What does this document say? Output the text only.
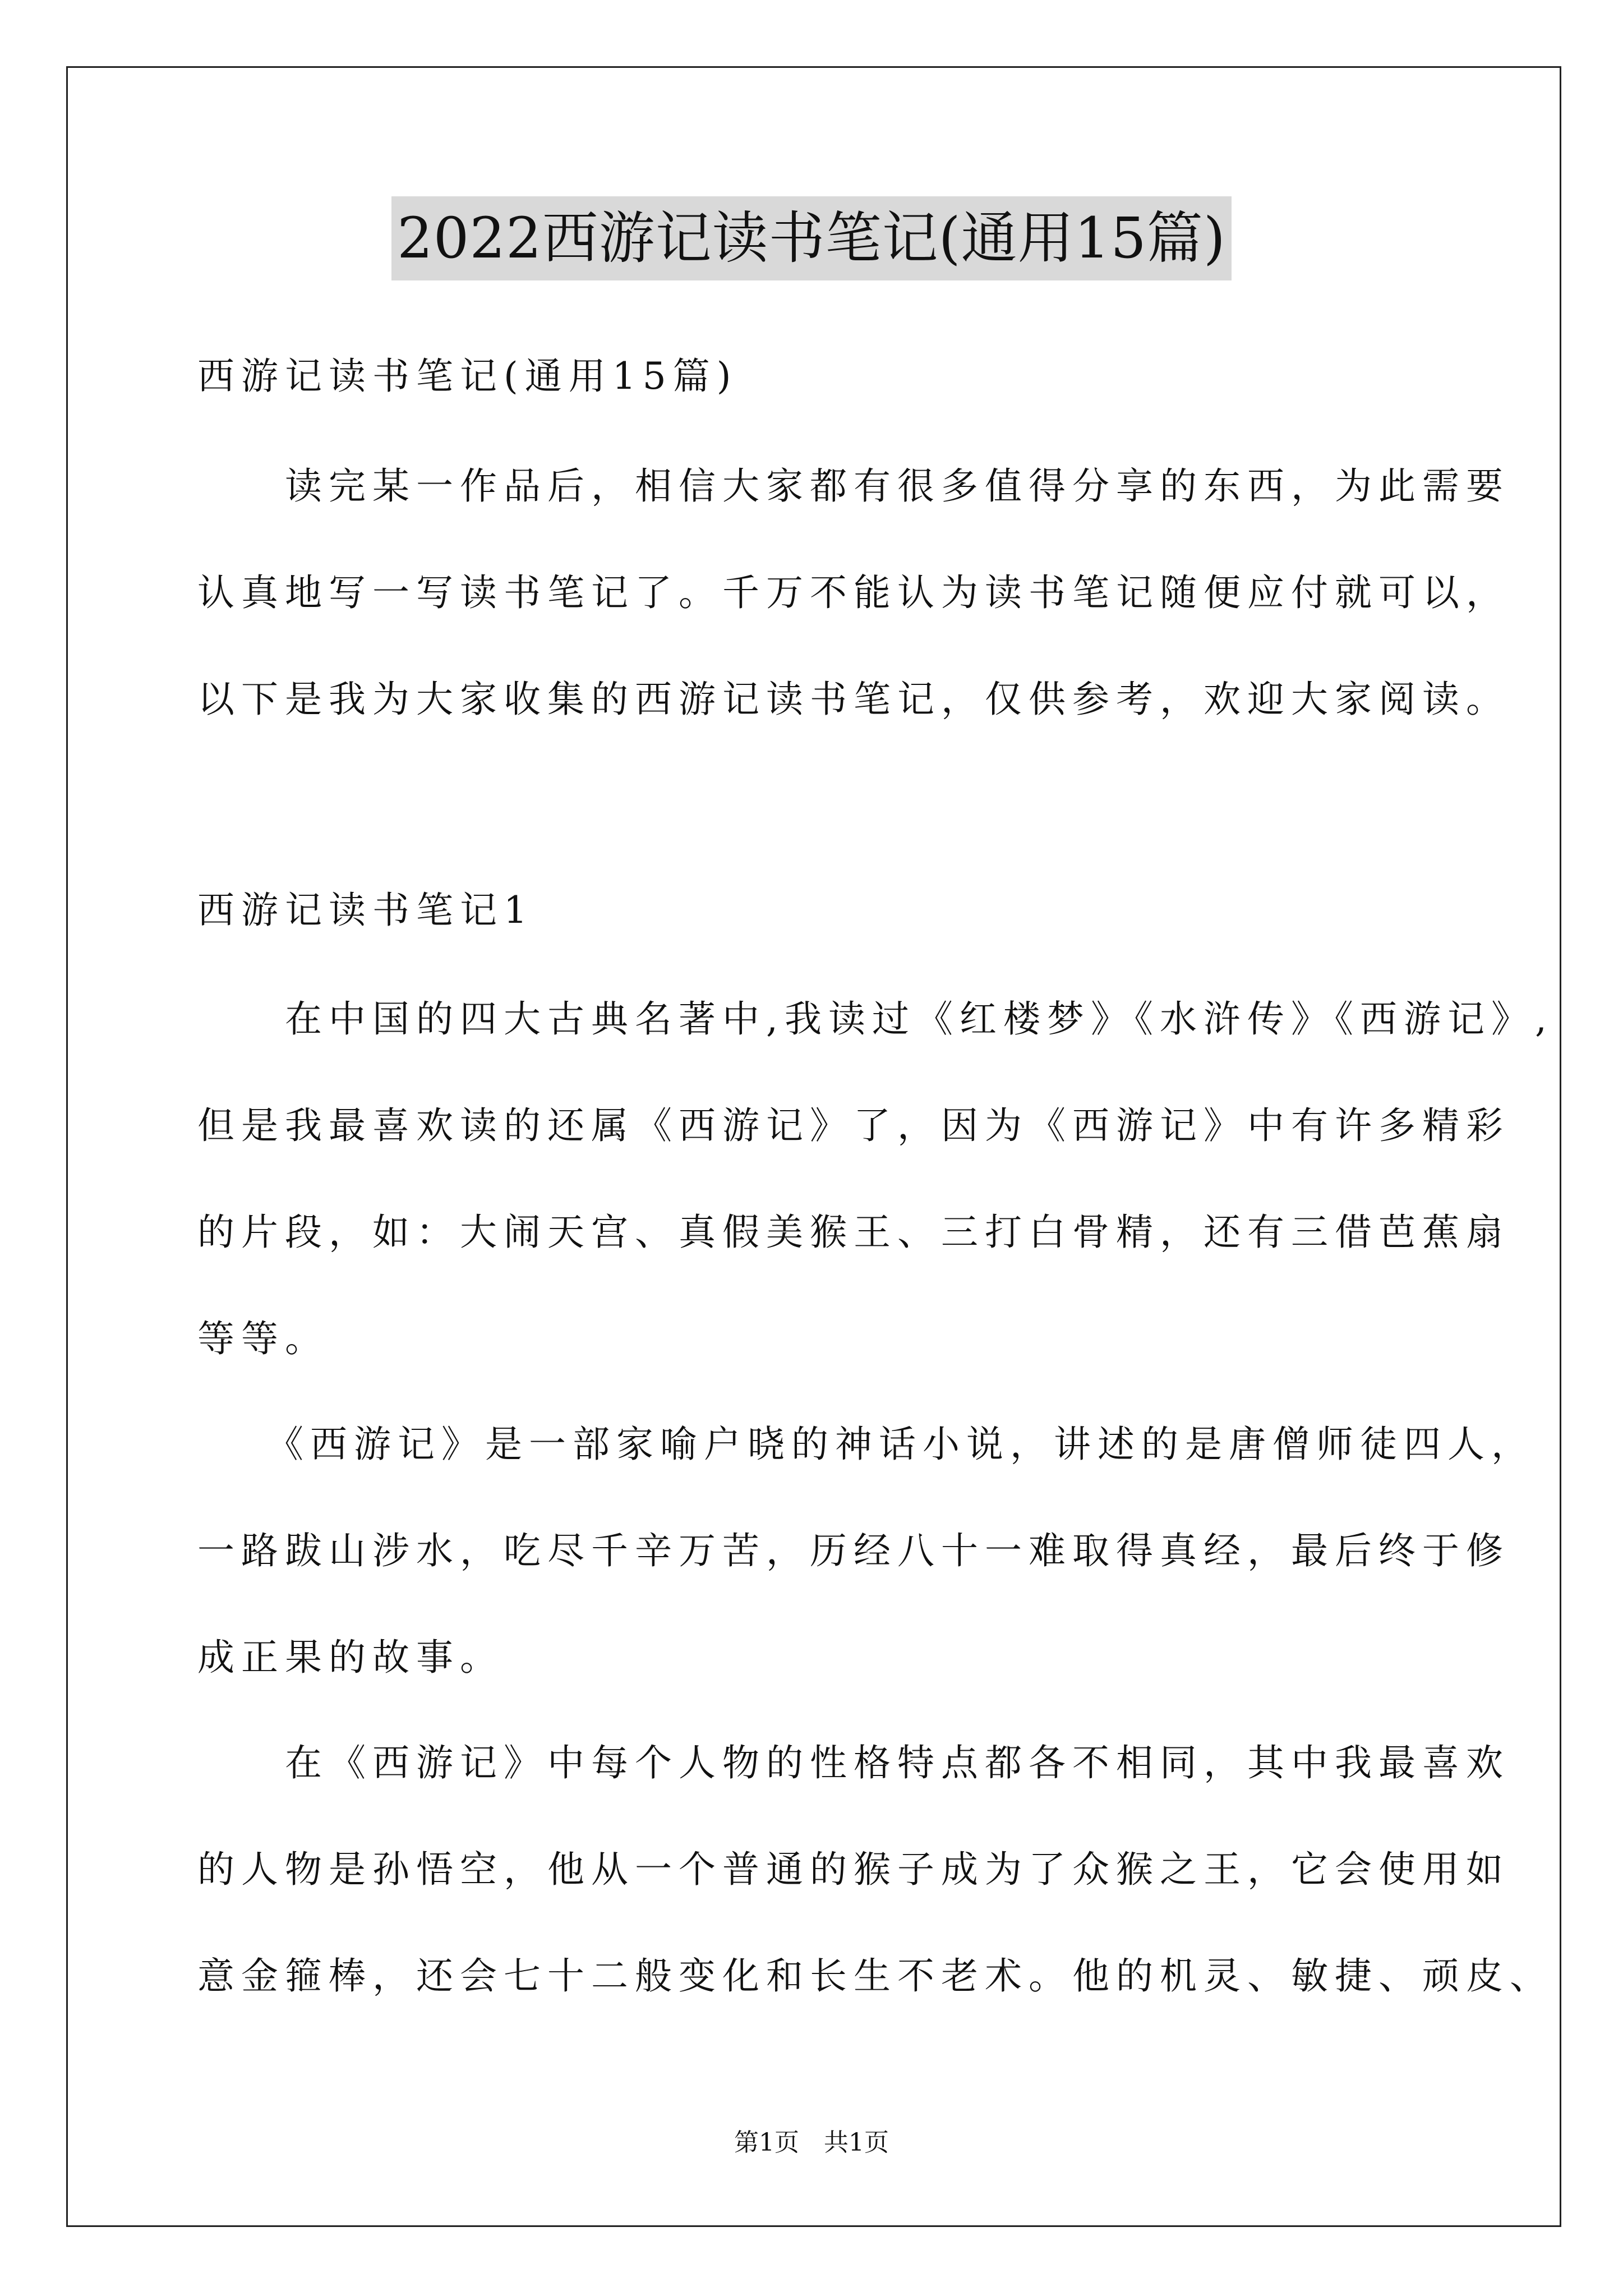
2022西游记读书笔记(通用15篇)
西游记读书笔记(通用15篇)
　　读完某一作品后，相信大家都有很多值得分享的东西，为此需要
认真地写一写读书笔记了。千万不能认为读书笔记随便应付就可以，
以下是我为大家收集的西游记读书笔记，仅供参考，欢迎大家阅读。
西游记读书笔记1
　　在中国的四大古典名著中,我读过《红楼梦》《水浒传》《西游记》,
但是我最喜欢读的还属《西游记》了，因为《西游记》中有许多精彩
的片段，如：大闹天宫、真假美猴王、三打白骨精，还有三借芭蕉扇
等等。
　　《西游记》是一部家喻户晓的神话小说，讲述的是唐僧师徒四人，
一路跋山涉水，吃尽千辛万苦，历经八十一难取得真经，最后终于修
成正果的故事。
　　在《西游记》中每个人物的性格特点都各不相同，其中我最喜欢
的人物是孙悟空，他从一个普通的猴子成为了众猴之王，它会使用如
意金箍棒，还会七十二般变化和长生不老术。他的机灵、敏捷、顽皮、
第1页　共1页
